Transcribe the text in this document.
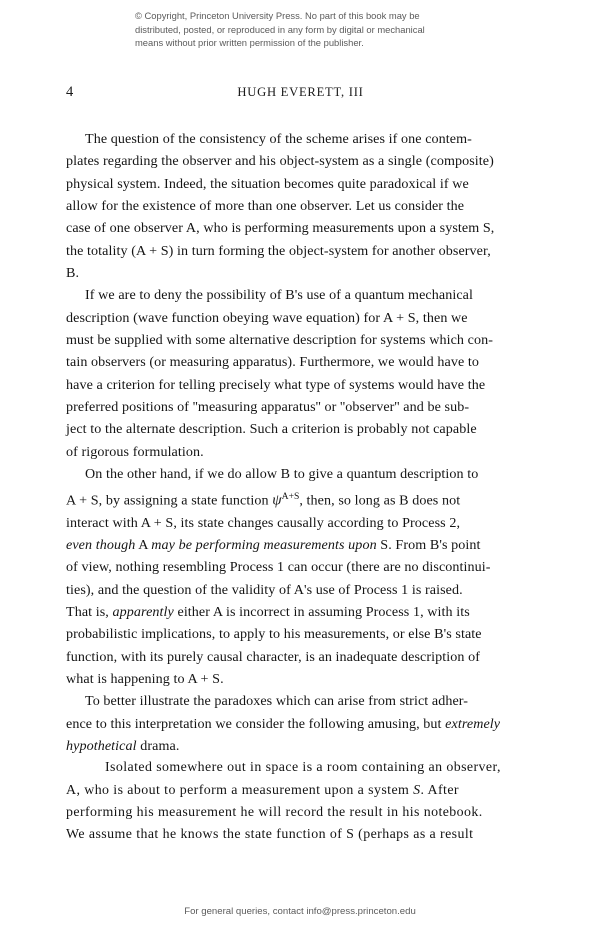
© Copyright, Princeton University Press. No part of this book may be
distributed, posted, or reproduced in any form by digital or mechanical
means without prior written permission of the publisher.
4	HUGH EVERETT, III

The question of the consistency of the scheme arises if one contem-
plates regarding the observer and his object-system as a single (composite)
physical system. Indeed, the situation becomes quite paradoxical if we
allow for the existence of more than one observer. Let us consider the
case of one observer A, who is performing measurements upon a system S,
the totality (A + S) in turn forming the object-system for another observer,
B.

If we are to deny the possibility of B's use of a quantum mechanical
description (wave function obeying wave equation) for A + S, then we
must be supplied with some alternative description for systems which con-
tain observers (or measuring apparatus). Furthermore, we would have to
have a criterion for telling precisely what type of systems would have the
preferred positions of ''measuring apparatus'' or ''observer'' and be sub-
ject to the alternate description. Such a criterion is probably not capable
of rigorous formulation.

On the other hand, if we do allow B to give a quantum description to
A + S, by assigning a state function $\psi^{A+S}$, then, so long as B does not
interact with A + S, its state changes causally according to Process 2,
even though A may be performing measurements upon S. From B's point
of view, nothing resembling Process 1 can occur (there are no discontinui-
ties), and the question of the validity of A's use of Process 1 is raised.
That is, apparently either A is incorrect in assuming Process 1, with its
probabilistic implications, to apply to his measurements, or else B's state
function, with its purely causal character, is an inadequate description of
what is happening to A + S.

To better illustrate the paradoxes which can arise from strict adher-
ence to this interpretation we consider the following amusing, but extremely
hypothetical drama.

Isolated somewhere out in space is a room containing an observer,
A, who is about to perform a measurement upon a system S. After
performing his measurement he will record the result in his notebook.
We assume that he knows the state function of S (perhaps as a result

For general queries, contact info@press.princeton.edu
